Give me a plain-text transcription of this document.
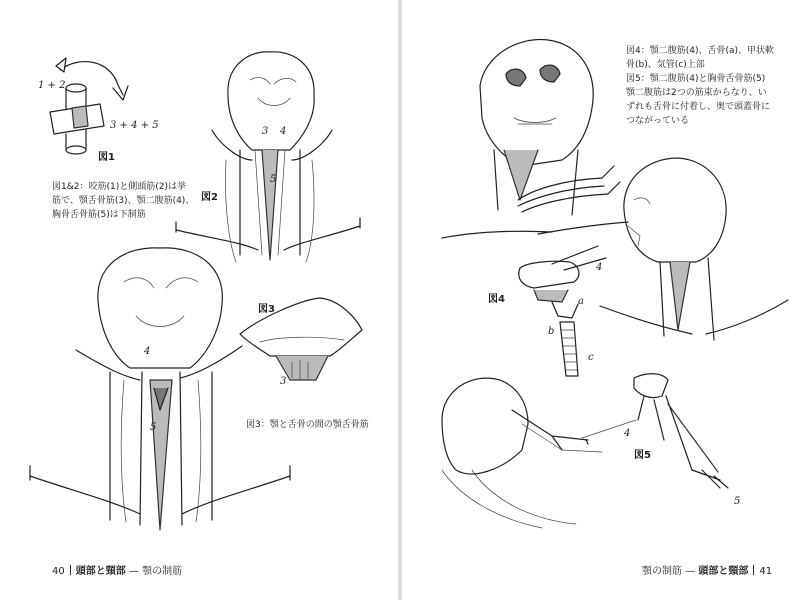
1 + 2
3 + 4 + 5
図1
図1&2：咬筋(1)と側頭筋(2)は挙
筋で、顎舌骨筋(3)、顎二腹筋(4)、
胸骨舌骨筋(5)は下制筋
図2
3 4
5
図3
3
図3：顎と舌骨の間の顎舌骨筋
4
5
40 頭部と頸部 — 顎の制筋
図4：顎二腹筋(4)、舌骨(a)、甲状軟
骨(b)、気管(c)上部
図5：顎二腹筋(4)と胸骨舌骨筋(5)
顎二腹筋は2つの筋束からなり、い
ずれも舌骨に付着し、奥で頭蓋骨に
つながっている
図4
4
a
b
c
図5
4
5
顎の制筋 — 頭部と頸部 41
